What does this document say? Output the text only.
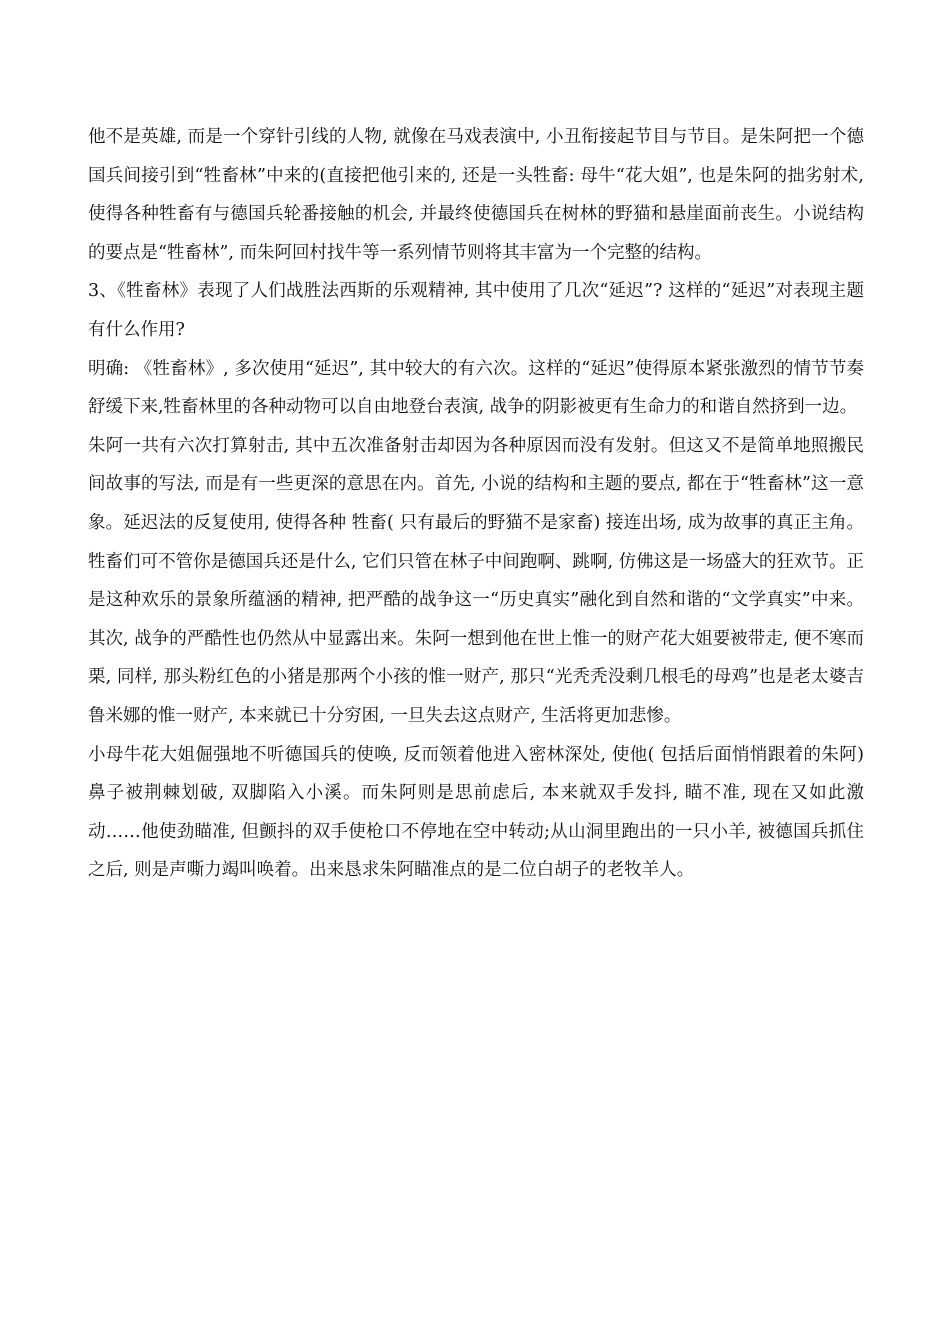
他不是英雄, 而是一个穿针引线的人物, 就像在马戏表演中, 小丑衔接起节目与节目。是朱阿把一个德国兵间接引到“牲畜林”中来的(直接把他引来的, 还是一头牲畜: 母牛“花大姐”, 也是朱阿的拙劣射术, 使得各种牲畜有与德国兵轮番接触的机会, 并最终使德国兵在树林的野猫和悬崖面前丧生。小说结构的要点是“牲畜林”, 而朱阿回村找牛等一系列情节则将其丰富为一个完整的结构。

3、《牲畜林》表现了人们战胜法西斯的乐观精神, 其中使用了几次“延迟”? 这样的“延迟”对表现主题有什么作用?

明确: 《牲畜林》, 多次使用“延迟”, 其中较大的有六次。这样的“延迟”使得原本紧张激烈的情节节奏舒缓下来,牲畜林里的各种动物可以自由地登台表演, 战争的阴影被更有生命力的和谐自然挤到一边。

朱阿一共有六次打算射击, 其中五次准备射击却因为各种原因而没有发射。但这又不是简单地照搬民间故事的写法, 而是有一些更深的意思在内。首先, 小说的结构和主题的要点, 都在于“牲畜林”这一意象。延迟法的反复使用, 使得各种 牲畜( 只有最后的野猫不是家畜) 接连出场, 成为故事的真正主角。牲畜们可不管你是德国兵还是什么, 它们只管在林子中间跑啊、跳啊, 仿佛这是一场盛大的狂欢节。正是这种欢乐的景象所蕴涵的精神, 把严酷的战争这一“历史真实”融化到自然和谐的“文学真实”中来。其次, 战争的严酷性也仍然从中显露出来。朱阿一想到他在世上惟一的财产花大姐要被带走, 便不寒而栗, 同样, 那头粉红色的小猪是那两个小孩的惟一财产, 那只“光秃秃没剩几根毛的母鸡”也是老太婆吉鲁米娜的惟一财产, 本来就已十分穷困, 一旦失去这点财产, 生活将更加悲惨。

小母牛花大姐倔强地不听德国兵的使唤, 反而领着他进入密林深处, 使他( 包括后面悄悄跟着的朱阿) 鼻子被荆棘划破, 双脚陷入小溪。而朱阿则是思前虑后, 本来就双手发抖, 瞄不准, 现在又如此激动……他使劲瞄准, 但颤抖的双手使枪口不停地在空中转动;从山洞里跑出的一只小羊, 被德国兵抓住之后, 则是声嘶力竭叫唤着。出来恳求朱阿瞄准点的是二位白胡子的老牧羊人。
